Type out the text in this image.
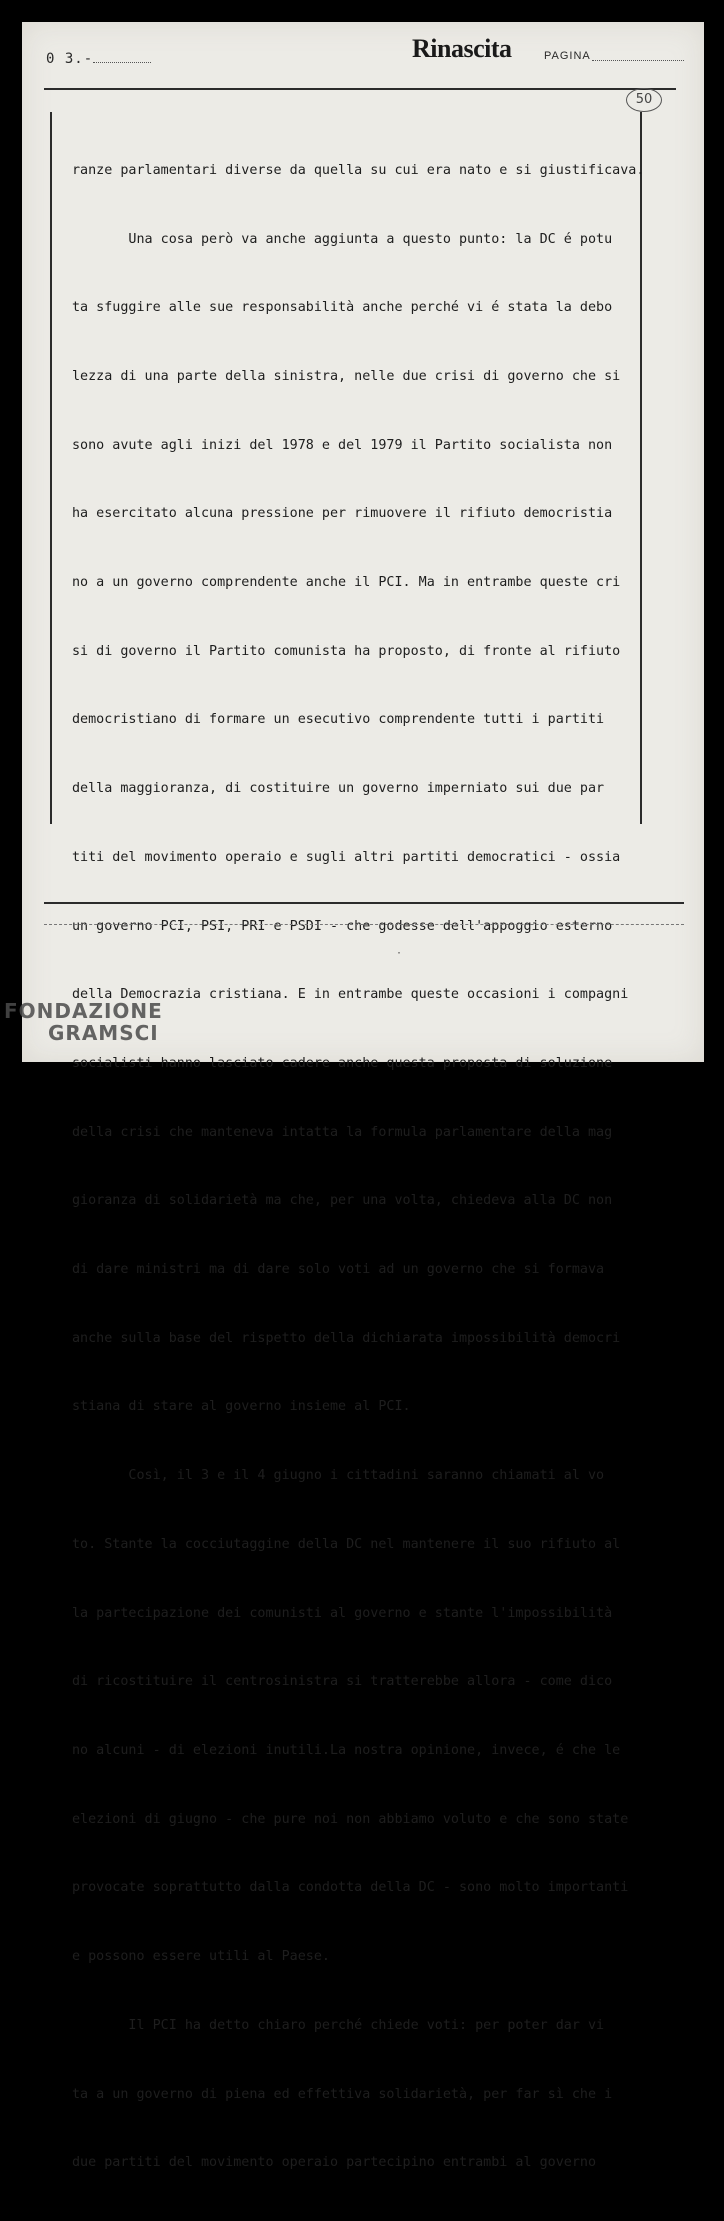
0 3.-	Rinascita	PAGINA
50

ranze parlamentari diverse da quella su cui era nato e si giustificava.

Una cosa però va anche aggiunta a questo punto: la DC é potu

ta sfuggire alle sue responsabilità anche perché vi é stata la debo

lezza di una parte della sinistra, nelle due crisi di governo che si

sono avute agli inizi del 1978 e del 1979 il Partito socialista non

ha esercitato alcuna pressione per rimuovere il rifiuto democristia

no a un governo comprendente anche il PCI. Ma in entrambe queste cri

si di governo il Partito comunista ha proposto, di fronte al rifiuto

democristiano di formare un esecutivo comprendente tutti i partiti

della maggioranza, di costituire un governo imperniato sui due par

titi del movimento operaio e sugli altri partiti democratici - ossia

un governo PCI, PSI, PRI e PSDI - che godesse dell'appoggio esterno

della Democrazia cristiana. E in entrambe queste occasioni i compagni

socialisti hanno lasciato cadere anche questa proposta di soluzione

della crisi che manteneva intatta la formula parlamentare della mag

gioranza di solidarietà ma che, per una volta, chiedeva alla DC non

di dare ministri ma di dare solo voti ad un governo che si formava

anche sulla base del rispetto della dichiarata impossibilità democri

stiana di stare al governo insieme al PCI.

Così, il 3 e il 4 giugno i cittadini saranno chiamati al vo

to. Stante la cocciutaggine della DC nel mantenere il suo rifiuto al

la partecipazione dei comunisti al governo e stante l'impossibilità

di ricostituire il centrosinistra si tratterebbe allora - come dico

no alcuni - di elezioni inutili.La nostra opinione, invece, é che le

elezioni di giugno - che pure noi non abbiamo voluto e che sono state

provocate soprattutto dalla condotta della DC - sono molto importanti

e possono essere utili al Paese.

Il PCI ha detto chiaro perché chiede voti: per poter dar vi

ta a un governo di piena ed effettiva solidarietà, per far sì che i

due partiti del movimento operaio partecipino entrambi al governo

·
FONDAZIONE
GRAMSCI
